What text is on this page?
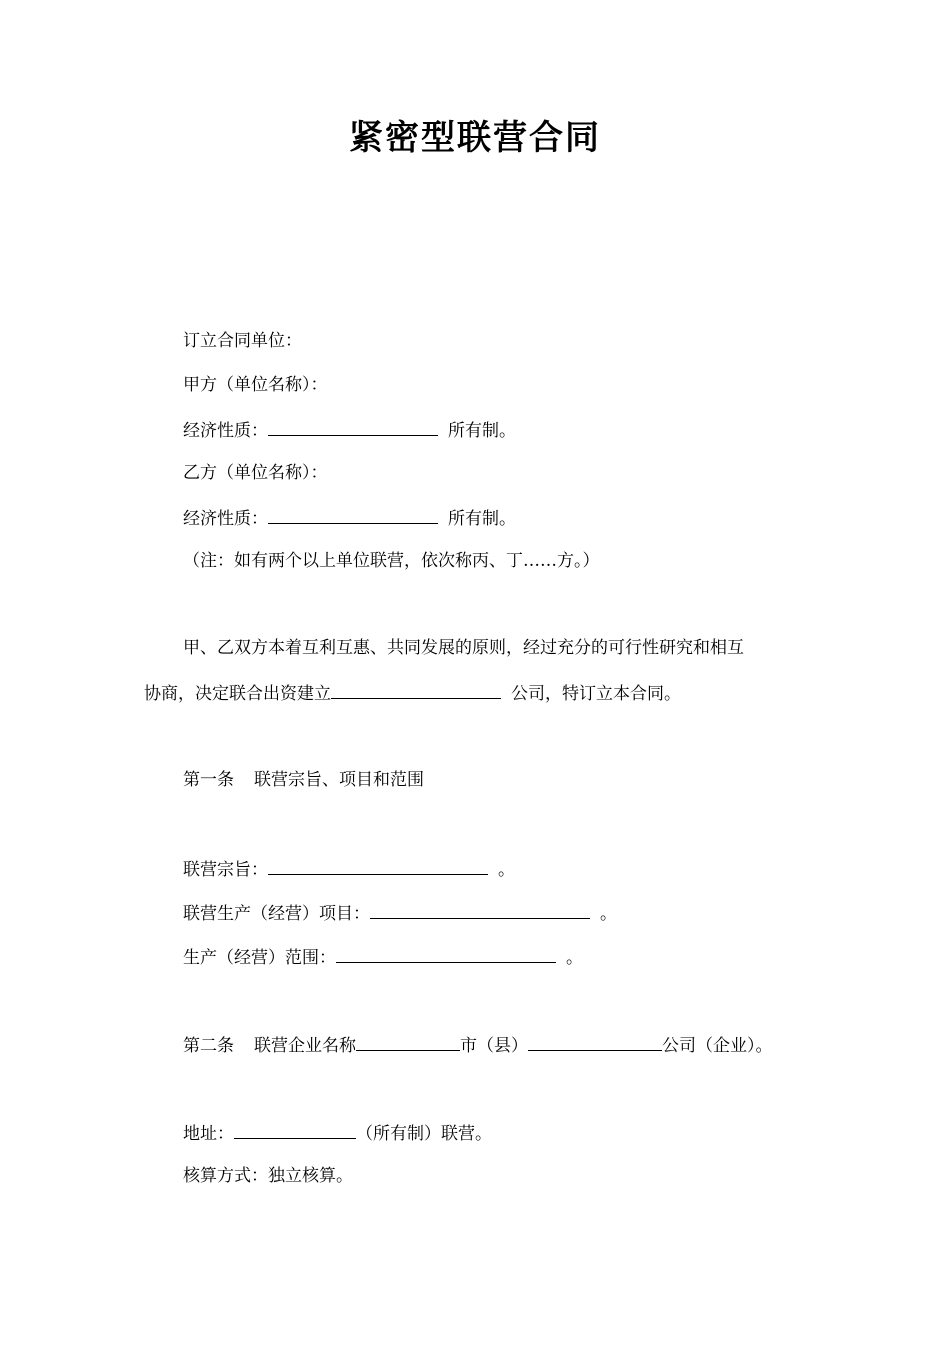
紧密型联营合同
订立合同单位：
甲方（单位名称）：
经济性质：	所有制。
乙方（单位名称）：
经济性质：	所有制。
（注：如有两个以上单位联营，依次称丙、丁……方。）
甲、乙双方本着互利互惠、共同发展的原则，经过充分的可行性研究和相互
协商，决定联合出资建立	公司，特订立本合同。
第一条 联营宗旨、项目和范围
联营宗旨：	。
联营生产（经营）项目：	。
生产（经营）范围：	。
第二条 联营企业名称	市（县）	公司（企业）。
地址：	（所有制）联营。
核算方式：独立核算。
